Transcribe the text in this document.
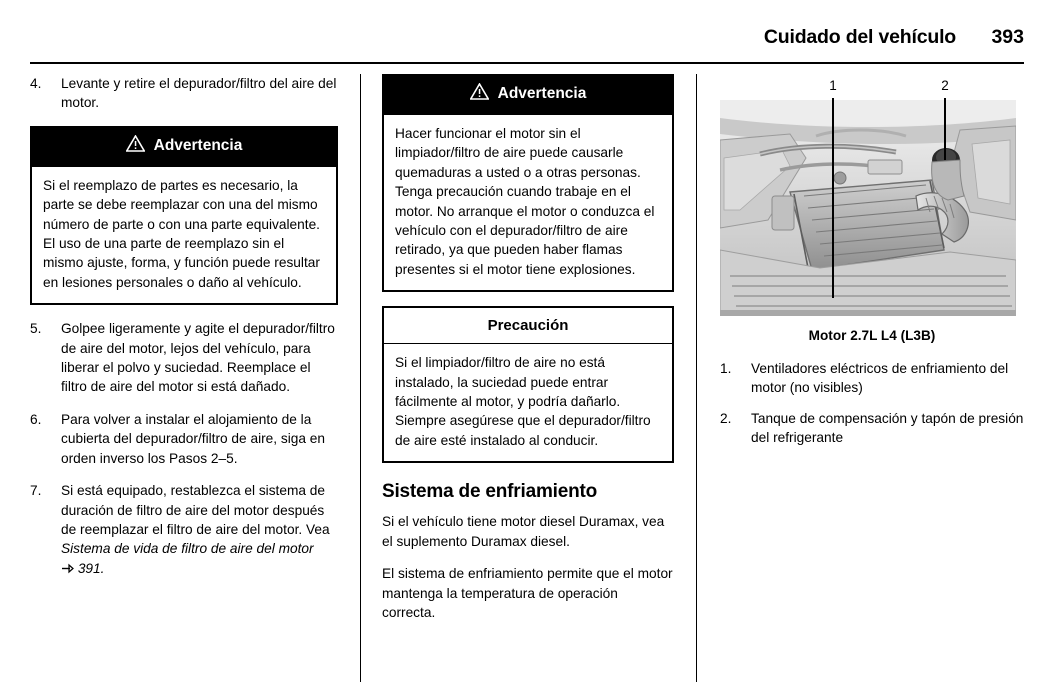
Cuidado del vehículo 393
4.	Levante y retire el depurador/filtro del aire del motor.
Advertencia
Si el reemplazo de partes es necesario, la parte se debe reemplazar con una del mismo número de parte o con una parte equivalente. El uso de una parte de reemplazo sin el mismo ajuste, forma, y función puede resultar en lesiones personales o daño al vehículo.
5.	Golpee ligeramente y agite el depurador/filtro de aire del motor, lejos del vehículo, para liberar el polvo y suciedad. Reemplace el filtro de aire del motor si está dañado.
6.	Para volver a instalar el alojamiento de la cubierta del depurador/filtro de aire, siga en orden inverso los Pasos 2–5.
7.	Si está equipado, restablezca el sistema de duración de filtro de aire del motor después de reemplazar el filtro de aire del motor. Vea Sistema de vida de filtro de aire del motor
391.
Advertencia
Hacer funcionar el motor sin el limpiador/filtro de aire puede causarle quemaduras a usted o a otras personas. Tenga precaución cuando trabaje en el motor. No arranque el motor o conduzca el vehículo con el depurador/filtro de aire retirado, ya que pueden haber flamas presentes si el motor tiene explosiones.
Precaución
Si el limpiador/filtro de aire no está instalado, la suciedad puede entrar fácilmente al motor, y podría dañarlo. Siempre asegúrese que el depurador/filtro de aire esté instalado al conducir.
Sistema de enfriamiento

Si el vehículo tiene motor diesel Duramax, vea el suplemento Duramax diesel.

El sistema de enfriamiento permite que el motor mantenga la temperatura de operación correcta.

1	2
Motor 2.7L L4 (L3B)
1. Ventiladores eléctricos de enfriamiento del motor (no visibles)
2. Tanque de compensación y tapón de presión del refrigerante
